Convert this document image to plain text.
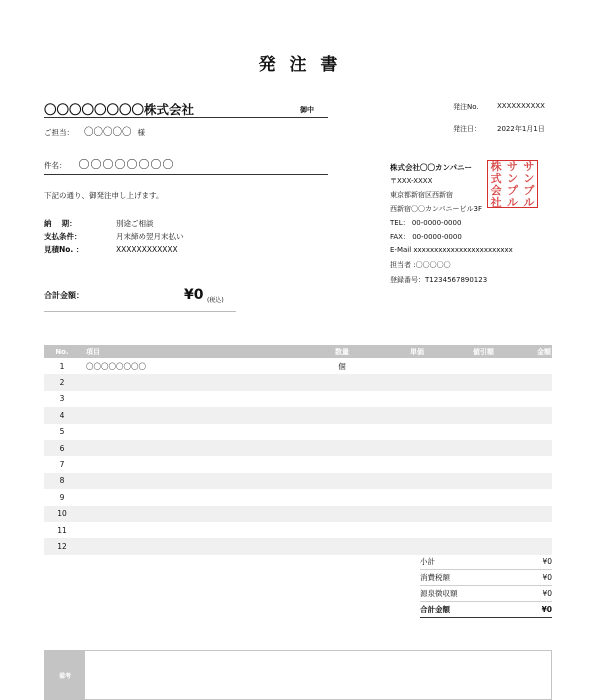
発 注 書
〇〇〇〇〇〇〇〇株式会社	御中
ご担当： 〇〇〇〇〇 様
発注No.	XXXXXXXXXX
発注日： 2022年1月1日
件名： 〇〇〇〇〇〇〇〇
下記の通り、御発注申し上げます。
納　 期：	別途ご相談
支払条件：	月末締め翌月末払い
見積No. ：	XXXXXXXXXXXX
株式会社〇〇カンパニー
〒XXX-XXXX
東京都新宿区西新宿
西新宿〇〇カンパニービル3F
TEL： 00-0000-0000
FAX： 00-0000-0000
E-Mail xxxxxxxxxxxxxxxxxxxxxxxx
担当者 :〇〇〇〇〇
登録番号：T1234567890123
株 サ サ
式 ン ン
会 プ プ
社 ル ル
合計金額：	¥0 (税込)
No.	項目	数量	単価	値引額	金額
1	〇〇〇〇〇〇〇〇	個
2
3
4
5
6
7
8
9
10
11
12
小計	¥0
消費税額	¥0
源泉徴収額	¥0
合計金額	¥0
備考
